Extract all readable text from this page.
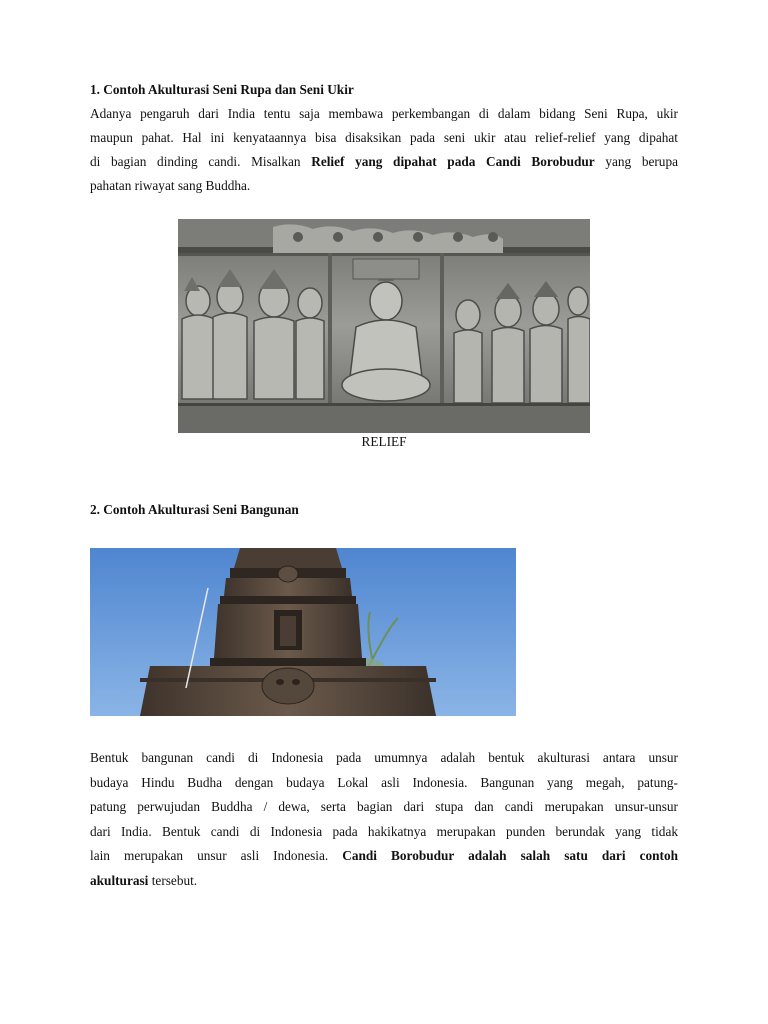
1. Contoh Akulturasi Seni Rupa dan Seni Ukir

Adanya pengaruh dari India tentu saja membawa perkembangan di dalam bidang Seni Rupa, ukir

maupun pahat. Hal ini kenyataannya bisa disaksikan pada seni ukir atau relief-relief yang dipahat

di bagian dinding candi. Misalkan Relief yang dipahat pada Candi Borobudur yang berupa

pahatan riwayat sang Buddha.

RELIEF
2. Contoh Akulturasi Seni Bangunan

Bentuk bangunan candi di Indonesia pada umumnya adalah bentuk akulturasi antara unsur

budaya Hindu Budha dengan budaya Lokal asli Indonesia. Bangunan yang megah, patung-

patung perwujudan Buddha / dewa, serta bagian dari stupa dan candi merupakan unsur-unsur

dari India. Bentuk candi di Indonesia pada hakikatnya merupakan punden berundak yang tidak

lain merupakan unsur asli Indonesia. Candi Borobudur adalah salah satu dari contoh

akulturasi tersebut.
